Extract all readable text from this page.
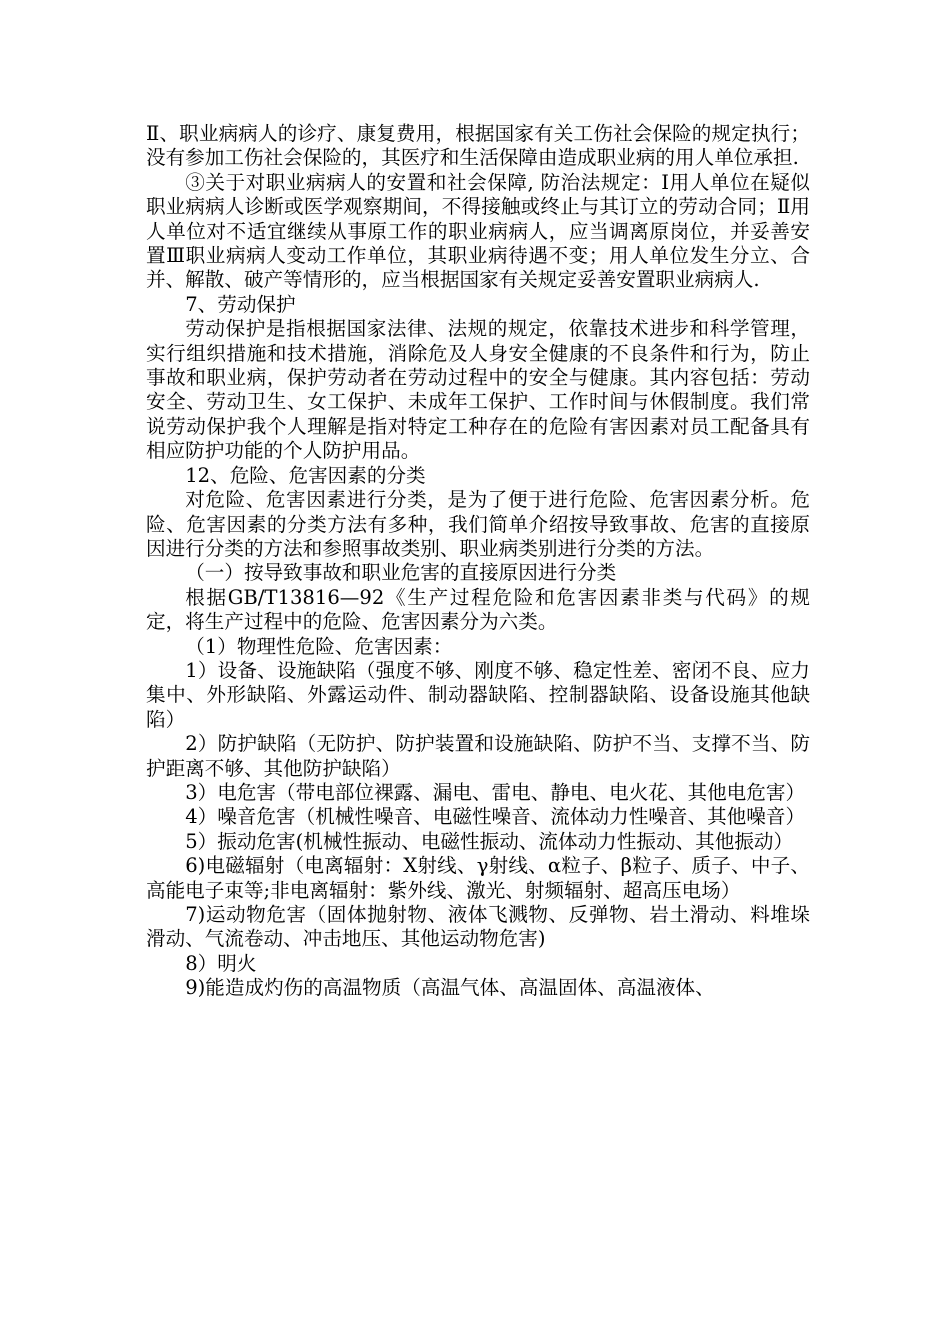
Ⅱ、职业病病人的诊疗、康复费用，根据国家有关工伤社会保险的规定执行；没有参加工伤社会保险的，其医疗和生活保障由造成职业病的用人单位承担.

③关于对职业病病人的安置和社会保障, 防治法规定：Ⅰ用人单位在疑似职业病病人诊断或医学观察期间，不得接触或终止与其订立的劳动合同；Ⅱ用人单位对不适宜继续从事原工作的职业病病人，应当调离原岗位，并妥善安置Ⅲ职业病病人变动工作单位，其职业病待遇不变；用人单位发生分立、合并、解散、破产等情形的，应当根据国家有关规定妥善安置职业病病人.

7、劳动保护

劳动保护是指根据国家法律、法规的规定，依靠技术进步和科学管理，实行组织措施和技术措施，消除危及人身安全健康的不良条件和行为，防止事故和职业病，保护劳动者在劳动过程中的安全与健康。其内容包括：劳动安全、劳动卫生、女工保护、未成年工保护、工作时间与休假制度。我们常说劳动保护我个人理解是指对特定工种存在的危险有害因素对员工配备具有相应防护功能的个人防护用品。

12、危险、危害因素的分类

对危险、危害因素进行分类，是为了便于进行危险、危害因素分析。危险、危害因素的分类方法有多种，我们简单介绍按导致事故、危害的直接原因进行分类的方法和参照事故类别、职业病类别进行分类的方法。

（一）按导致事故和职业危害的直接原因进行分类

根据GB/T13816—92《生产过程危险和危害因素非类与代码》的规定，将生产过程中的危险、危害因素分为六类。

（1）物理性危险、危害因素：

1）设备、设施缺陷（强度不够、刚度不够、稳定性差、密闭不良、应力集中、外形缺陷、外露运动件、制动器缺陷、控制器缺陷、设备设施其他缺陷）

2）防护缺陷（无防护、防护装置和设施缺陷、防护不当、支撑不当、防护距离不够、其他防护缺陷）

3）电危害（带电部位裸露、漏电、雷电、静电、电火花、其他电危害）

4）噪音危害（机械性噪音、电磁性噪音、流体动力性噪音、其他噪音）

5）振动危害(机械性振动、电磁性振动、流体动力性振动、其他振动）

6)电磁辐射（电离辐射：X射线、γ射线、α粒子、β粒子、质子、中子、高能电子束等;非电离辐射：紫外线、激光、射频辐射、超高压电场）

7)运动物危害（固体抛射物、液体飞溅物、反弹物、岩土滑动、料堆垛滑动、气流卷动、冲击地压、其他运动物危害)

8）明火

9)能造成灼伤的高温物质（高温气体、高温固体、高温液体、
